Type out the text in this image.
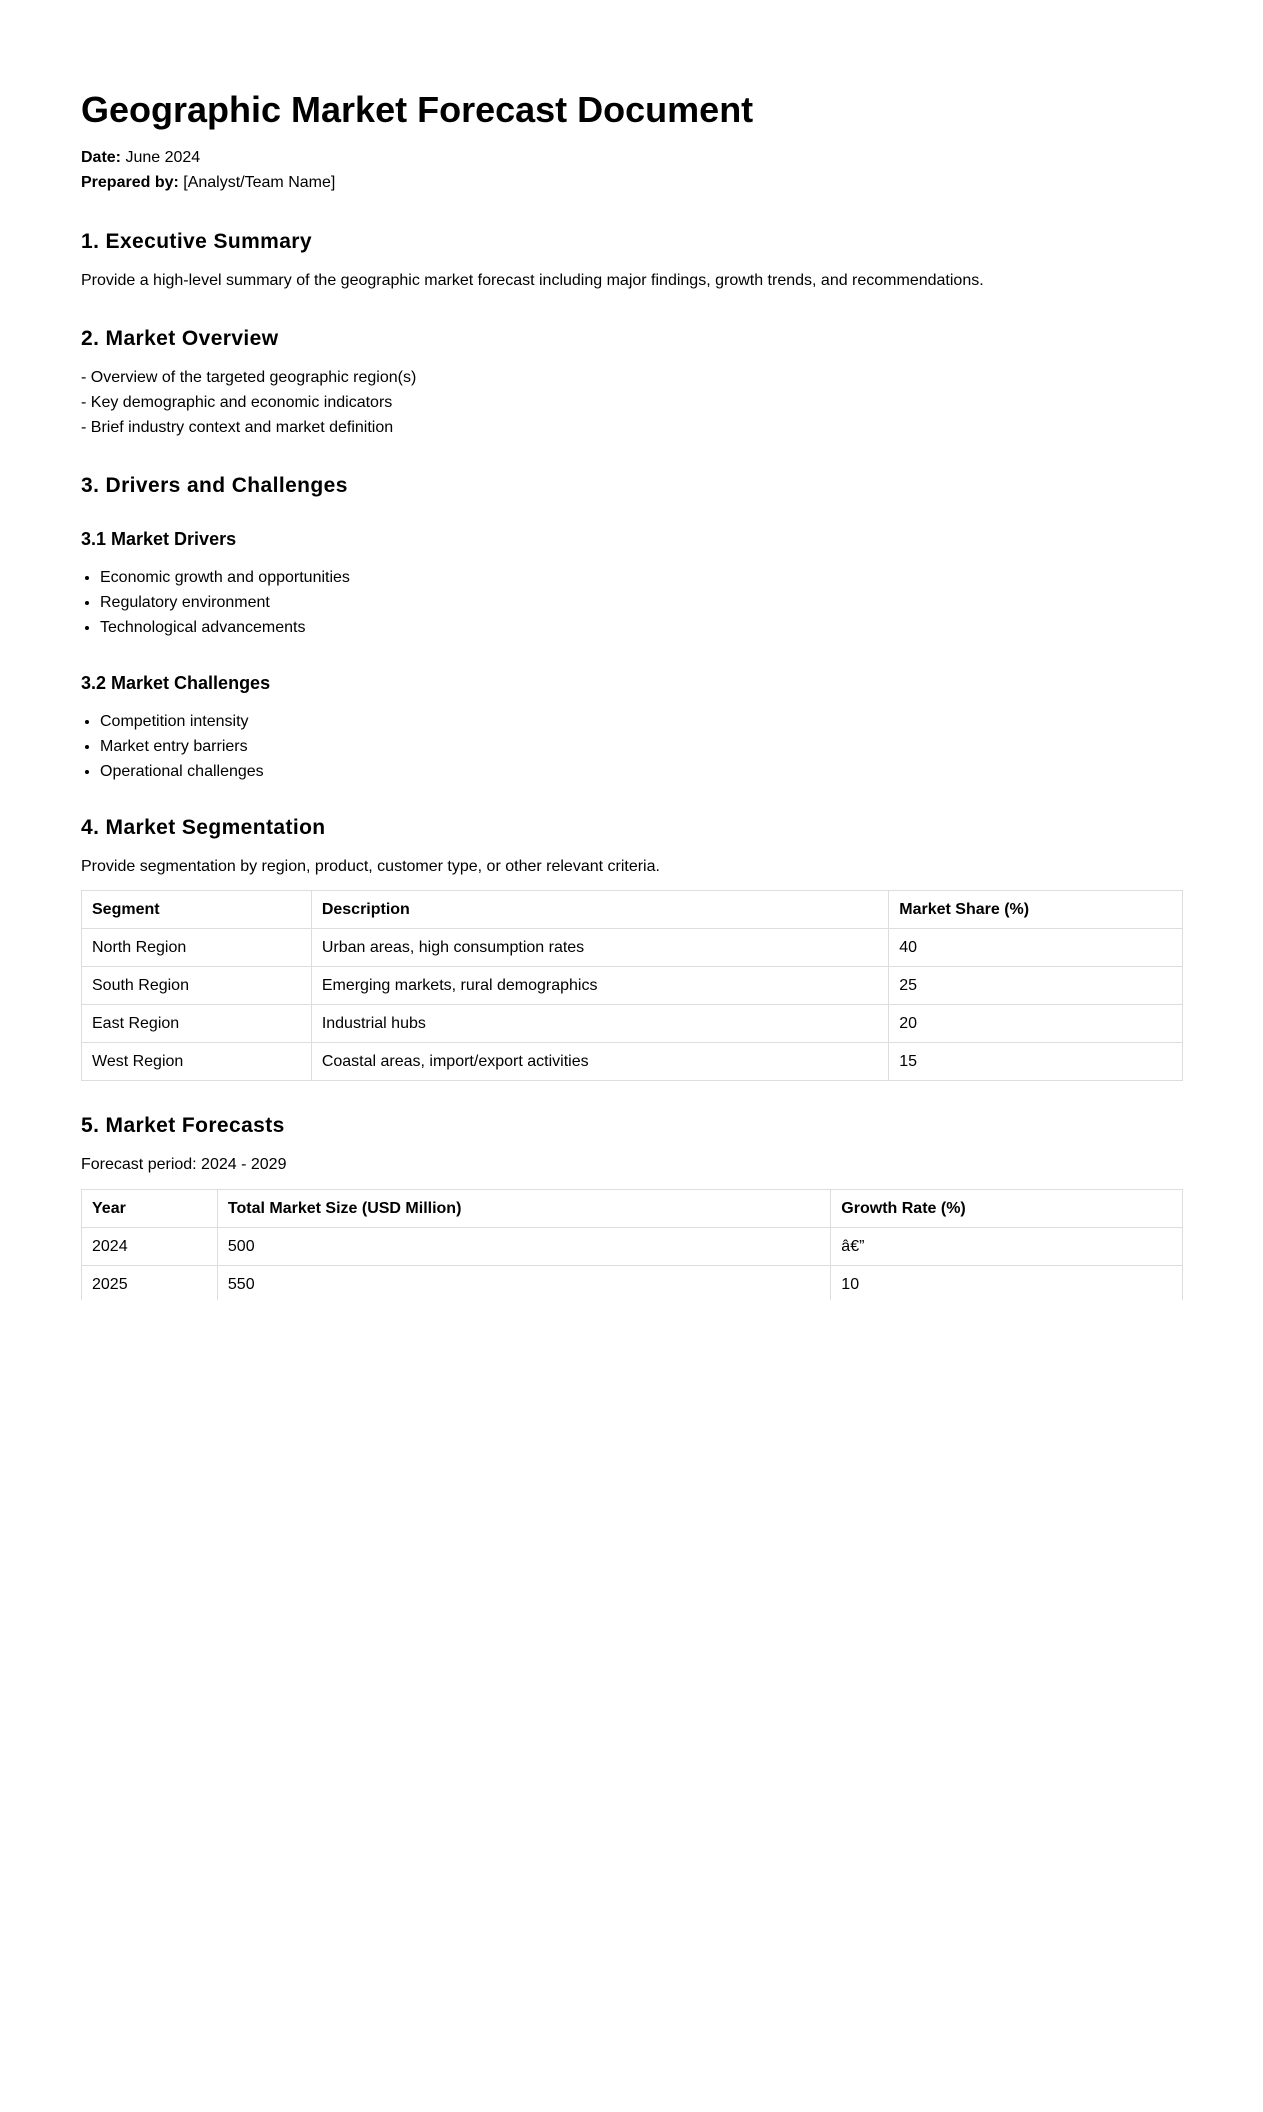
Geographic Market Forecast Document

Date: June 2024

Prepared by: [Analyst/Team Name]

1. Executive Summary

Provide a high-level summary of the geographic market forecast including major findings, growth trends, and recommendations.

2. Market Overview
- Overview of the targeted geographic region(s)
- Key demographic and economic indicators
- Brief industry context and market definition
3. Drivers and Challenges
3.1 Market Drivers
• Economic growth and opportunities
• Regulatory environment
• Technological advancements
3.2 Market Challenges
• Competition intensity
• Market entry barriers
• Operational challenges
4. Market Segmentation

Provide segmentation by region, product, customer type, or other relevant criteria.

Segment	Description	Market Share (%)
North Region	Urban areas, high consumption rates	40
South Region	Emerging markets, rural demographics	25
East Region	Industrial hubs	20
West Region	Coastal areas, import/export activities	15
5. Market Forecasts

Forecast period: 2024 - 2029

Year	Total Market Size (USD Million)	Growth Rate (%)
2024	500	â€”
2025	550	10
